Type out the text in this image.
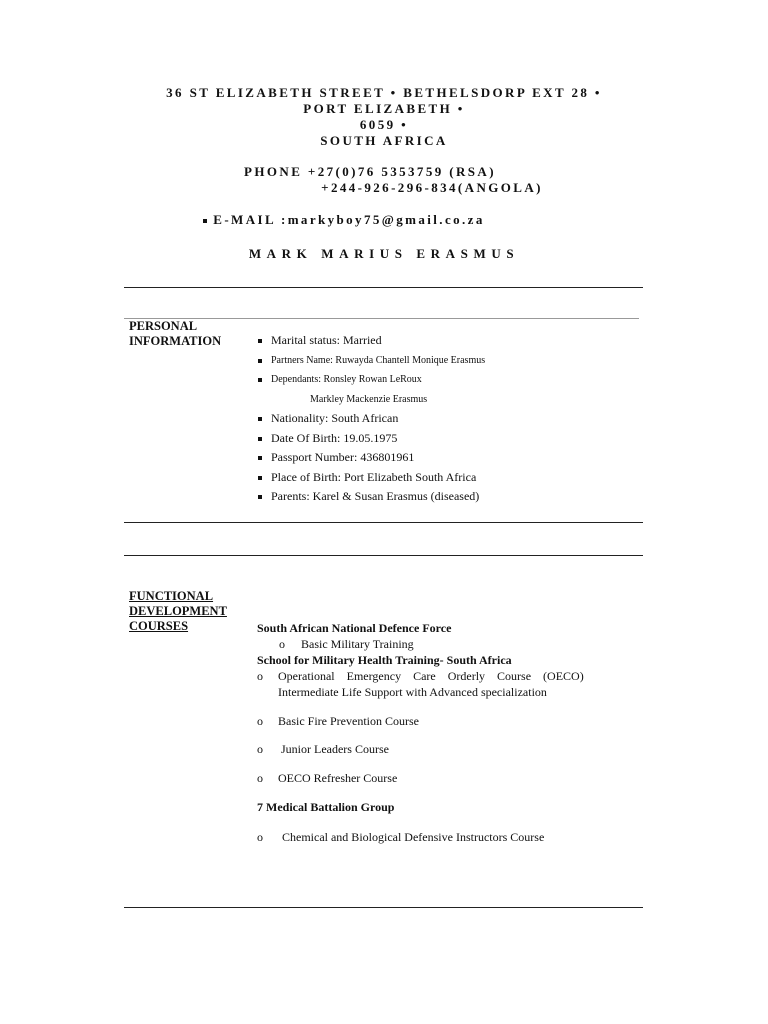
36 ST ELIZABETH STREET • BETHELSDORP EXT 28 •
PORT ELIZABETH •
6059 •
SOUTH AFRICA
PHONE +27(0)76 5353759 (RSA)
+244-926-296-834(ANGOLA)
E-MAIL :markyboy75@gmail.co.za
MARK MARIUS ERASMUS
PERSONAL
INFORMATION	Marital status: Married
Partners Name: Ruwayda Chantell Monique Erasmus
Dependants: Ronsley Rowan LeRoux
Markley Mackenzie Erasmus
Nationality: South African
Date Of Birth: 19.05.1975
Passport Number: 436801961
Place of Birth: Port Elizabeth South Africa
Parents: Karel & Susan Erasmus (diseased)
FUNCTIONAL
DEVELOPMENT
COURSES	South African National Defence Force
o Basic Military Training
School for Military Health Training- South Africa
o Operational    Emergency    Care    Orderly    Course    (OECO)
Intermediate Life Support with Advanced specialization
o Basic Fire Prevention Course
o Junior Leaders Course
o OECO Refresher Course
7 Medical Battalion Group
o Chemical and Biological Defensive Instructors Course
